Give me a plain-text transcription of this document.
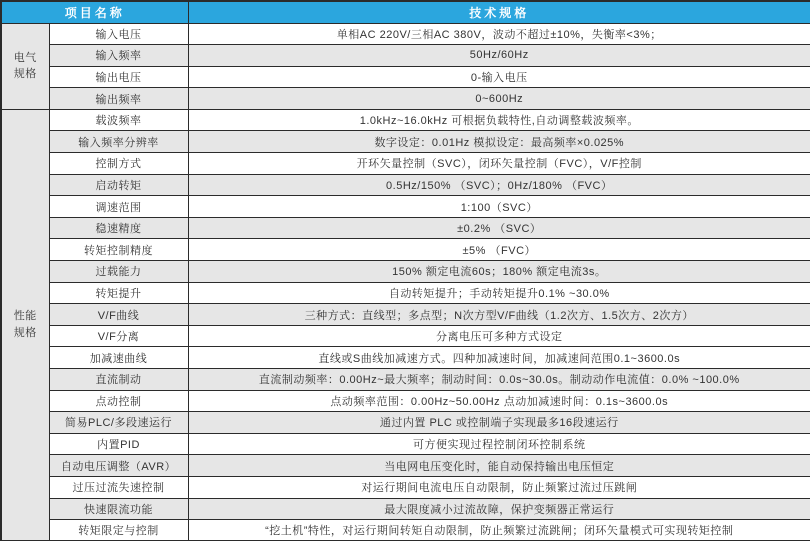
项目名称		技术规格
电气
规格	输入电压	单相AC 220V/三相AC 380V，波动不超过±10%，失衡率<3%；
	输入频率	50Hz/60Hz
	输出电压	0-输入电压
	输出频率	0~600Hz
性能
规格	载波频率	1.0kHz~16.0kHz 可根据负载特性,自动调整载波频率。
	输入频率分辨率	数字设定：0.01Hz 模拟设定：最高频率×0.025%
	控制方式	开环矢量控制（SVC），闭环矢量控制（FVC），V/F控制
	启动转矩	0.5Hz/150% （SVC）；0Hz/180% （FVC）
	调速范围	1:100（SVC）
	稳速精度	±0.2% （SVC）
	转矩控制精度	±5% （FVC）
	过载能力	150% 额定电流60s；180% 额定电流3s。
	转矩提升	自动转矩提升；手动转矩提升0.1% ~30.0%
	V/F曲线	三种方式：直线型；多点型；N次方型V/F曲线（1.2次方、1.5次方、2次方）
	V/F分离	分离电压可多种方式设定
	加减速曲线	直线或S曲线加减速方式。四种加减速时间，加减速间范围0.1~3600.0s
	直流制动	直流制动频率：0.00Hz~最大频率；制动时间：0.0s~30.0s。制动动作电流值：0.0% ~100.0%
	点动控制	点动频率范围：0.00Hz~50.00Hz 点动加减速时间：0.1s~3600.0s
	简易PLC/多段速运行	通过内置 PLC 或控制端子实现最多16段速运行
	内置PID	可方便实现过程控制闭环控制系统
	自动电压调整（AVR）	当电网电压变化时，能自动保持输出电压恒定
	过压过流失速控制	对运行期间电流电压自动限制，防止频繁过流过压跳闸
	快速限流功能	最大限度减小过流故障，保护变频器正常运行
	转矩限定与控制	“挖土机”特性，对运行期间转矩自动限制，防止频繁过流跳闸；闭环矢量模式可实现转矩控制
